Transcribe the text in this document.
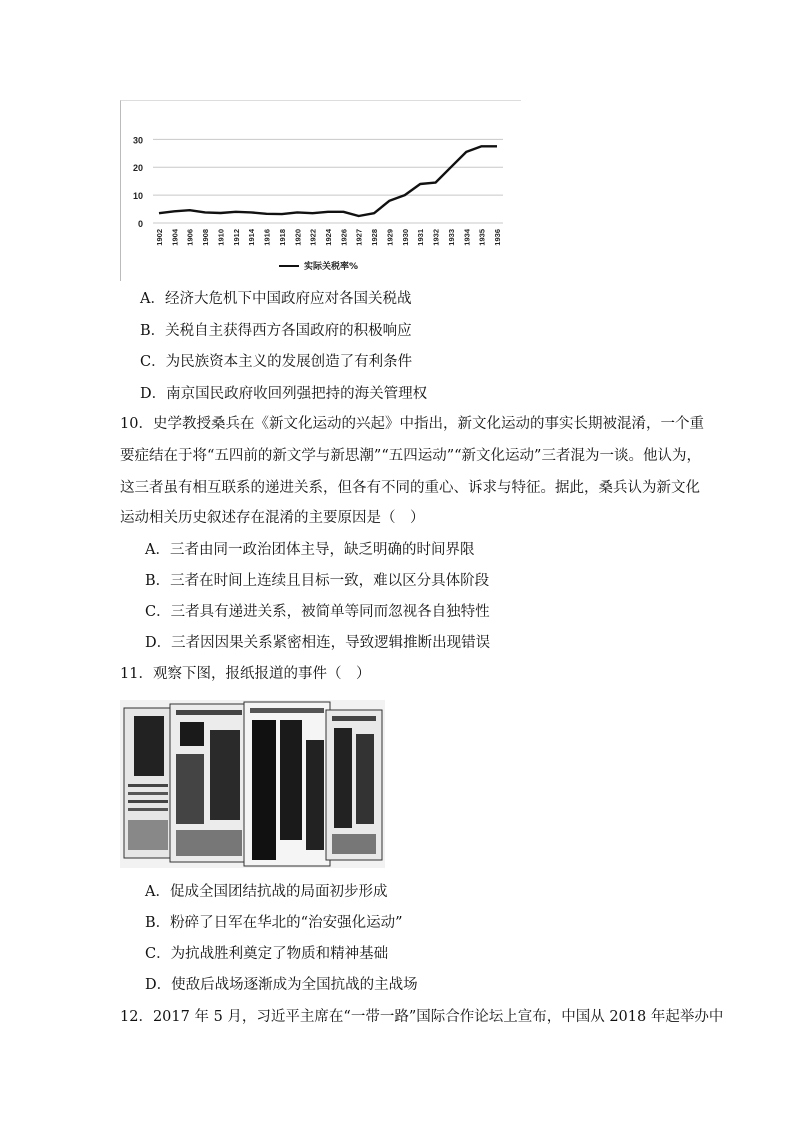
0
10
20
30
1902 1904 1906 1908 1910 1912 1914 1916 1918 1920 1922 1924 1926 1927 1928 1929 1930 1931 1932 1933 1934 1935 1936
实际关税率%
A．经济大危机下中国政府应对各国关税战
B．关税自主获得西方各国政府的积极响应
C．为民族资本主义的发展创造了有利条件
D．南京国民政府收回列强把持的海关管理权
10．史学教授桑兵在《新文化运动的兴起》中指出，新文化运动的事实长期被混淆，一个重
要症结在于将“五四前的新文学与新思潮”“五四运动”“新文化运动”三者混为一谈。他认为，
这三者虽有相互联系的递进关系，但各有不同的重心、诉求与特征。据此，桑兵认为新文化
运动相关历史叙述存在混淆的主要原因是（　）
A．三者由同一政治团体主导，缺乏明确的时间界限
B．三者在时间上连续且目标一致，难以区分具体阶段
C．三者具有递进关系，被简单等同而忽视各自独特性
D．三者因因果关系紧密相连，导致逻辑推断出现错误
11．观察下图，报纸报道的事件（　）
A．促成全国团结抗战的局面初步形成
B．粉碎了日军在华北的“治安强化运动”
C．为抗战胜利奠定了物质和精神基础
D．使敌后战场逐渐成为全国抗战的主战场
12．2017 年 5 月，习近平主席在“一带一路”国际合作论坛上宣布，中国从 2018 年起举办中
